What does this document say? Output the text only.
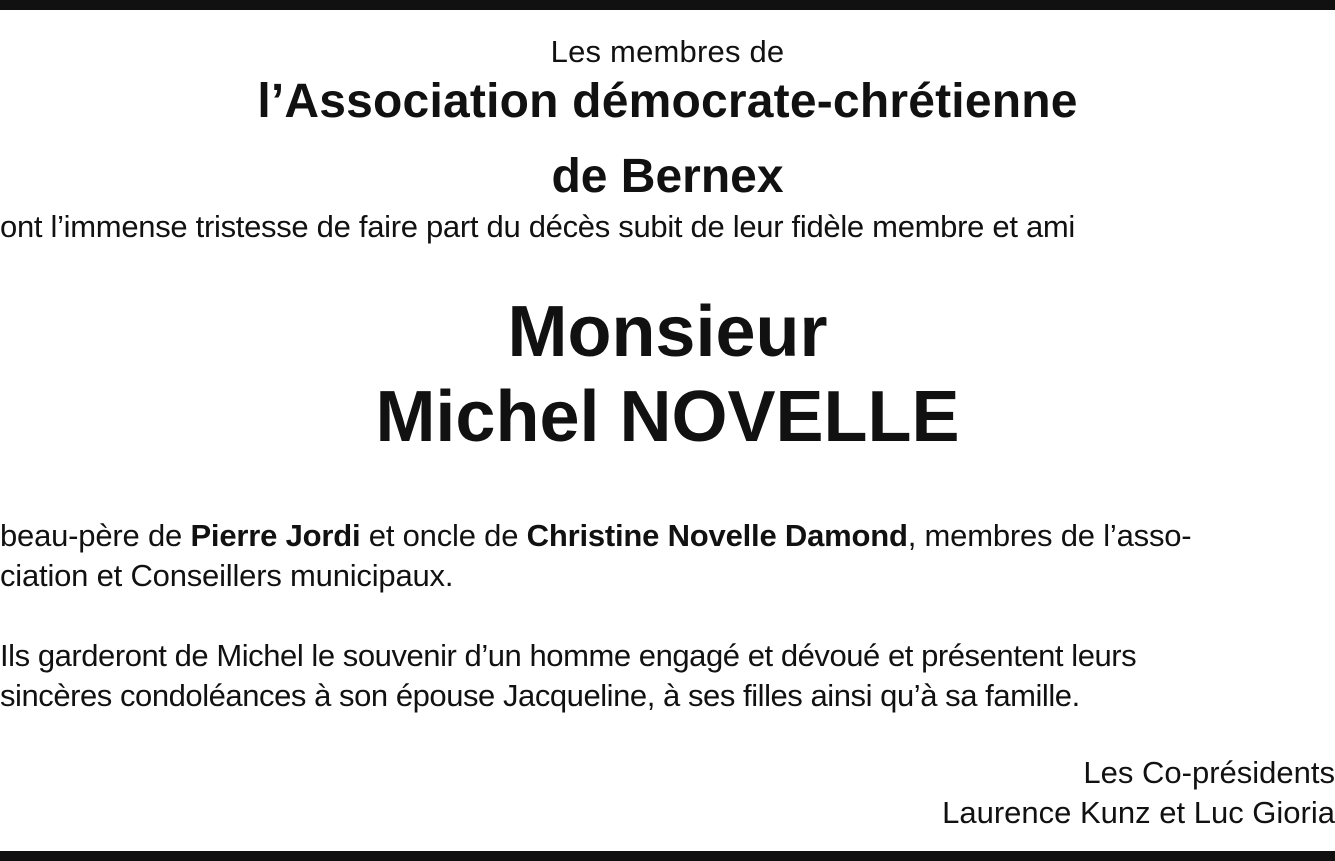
Les membres de
l’Association démocrate-chrétienne
de Bernex
ont l’immense tristesse de faire part du décès subit de leur fidèle membre et ami
Monsieur
Michel NOVELLE
beau-père de Pierre Jordi et oncle de Christine Novelle Damond, membres de l’asso-
ciation et Conseillers municipaux.
Ils garderont de Michel le souvenir d’un homme engagé et dévoué et présentent leurs
sincères condoléances à son épouse Jacqueline, à ses filles ainsi qu’à sa famille.
Les Co-présidents
Laurence Kunz et Luc Gioria
